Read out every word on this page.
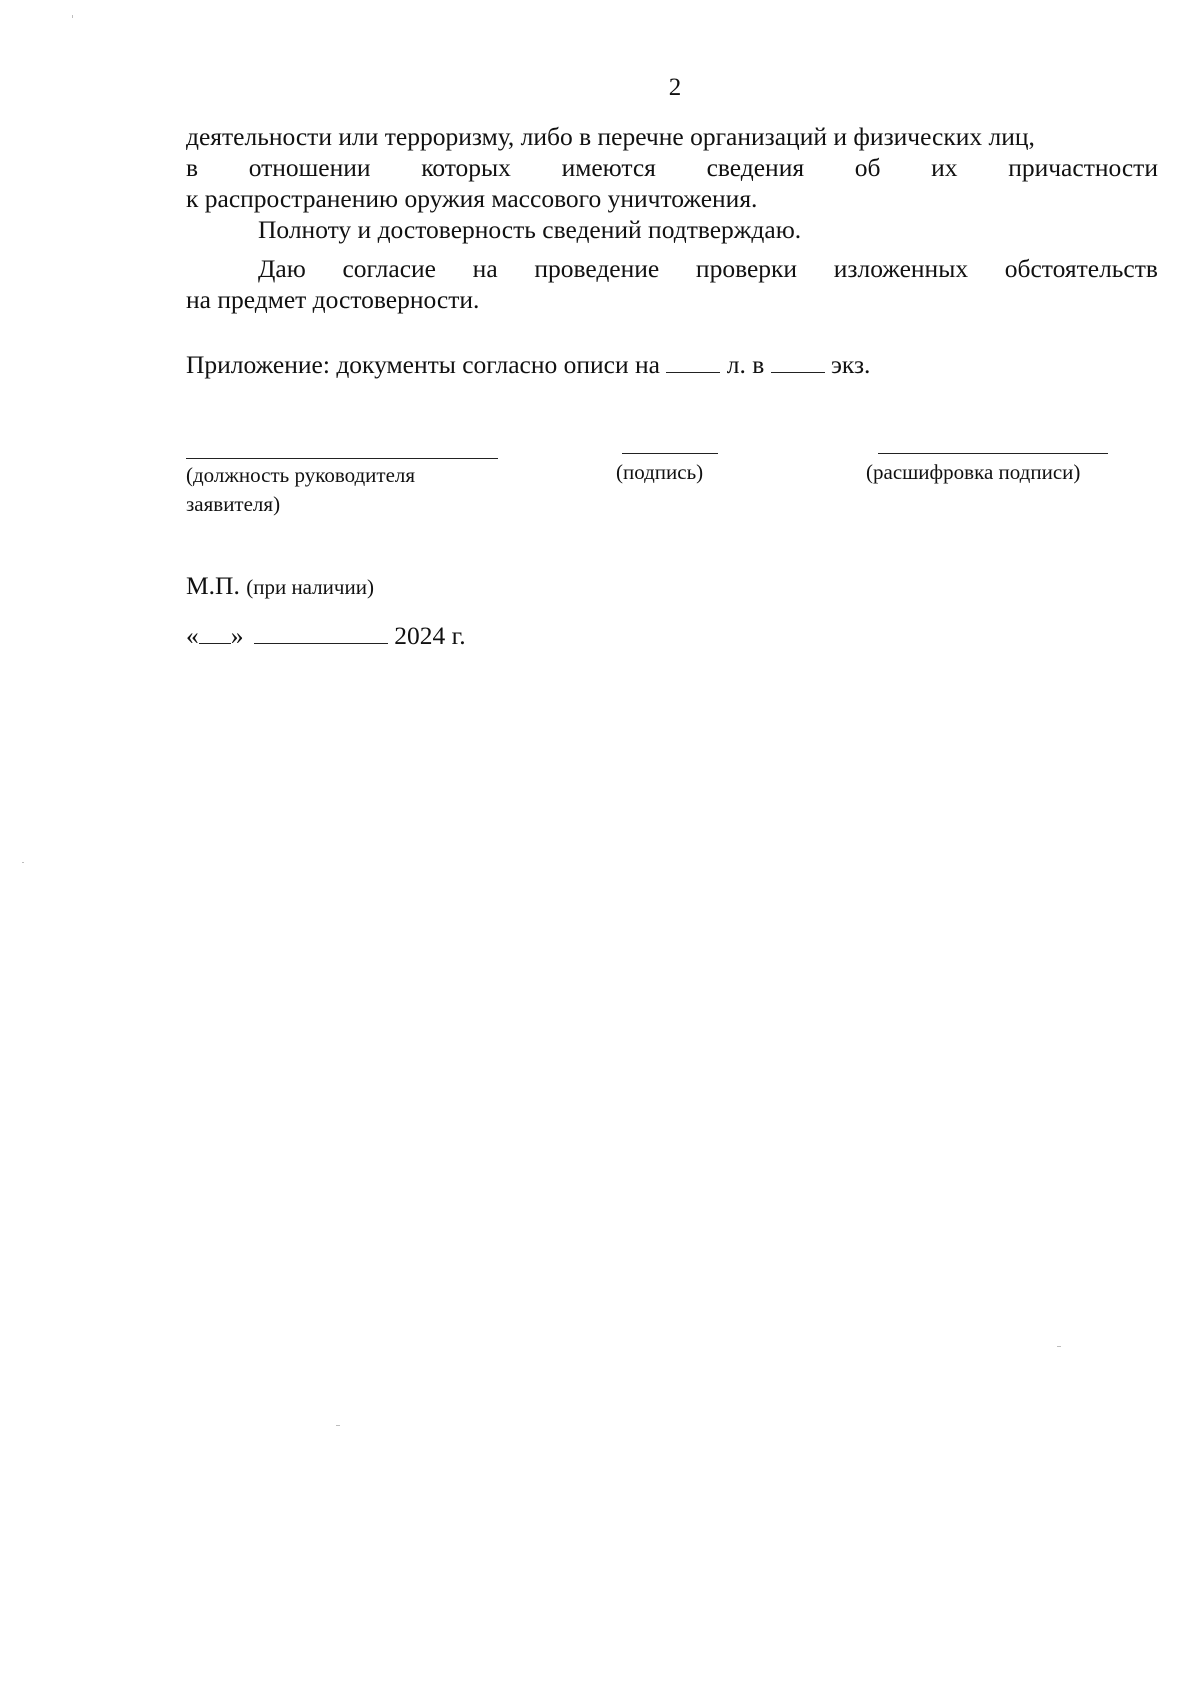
2

деятельности или терроризму, либо в перечне организаций и физических лиц,
в отношении которых имеются сведения об их причастности
к распространению оружия массового уничтожения.
Полноту и достоверность сведений подтверждаю.
Даю согласие на проведение проверки изложенных обстоятельств
на предмет достоверности.
Приложение: документы согласно описи на	л. в	экз.

(должность руководителя
заявителя)

(подпись)	(расшифровка подписи)

М.П. (при наличии)

« »	2024 г.
